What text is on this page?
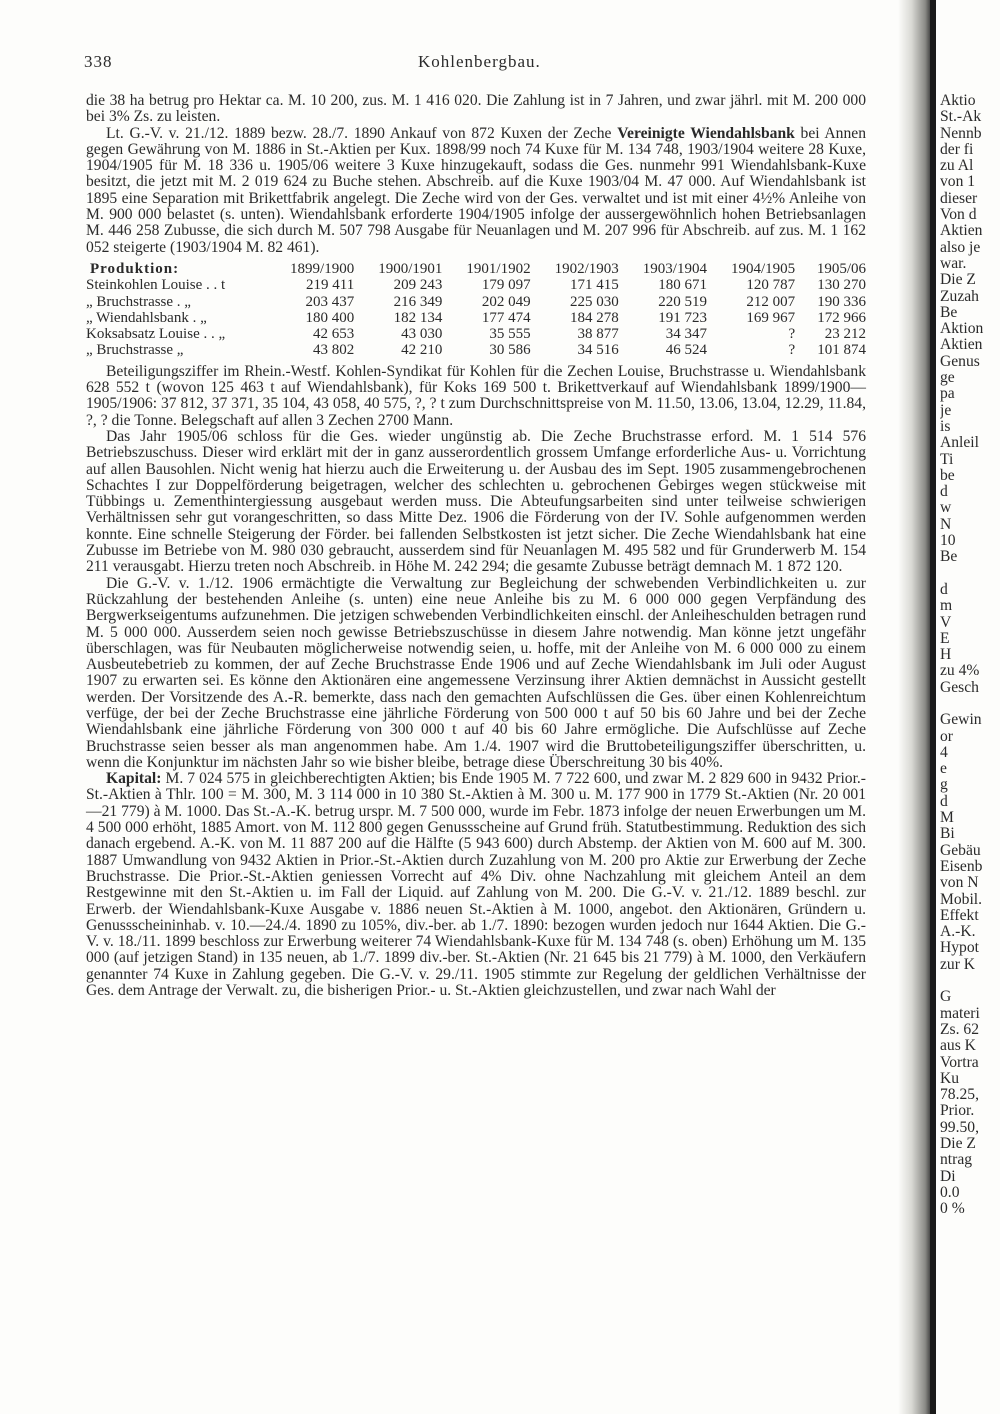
338	Kohlenbergbau.

die 38 ha betrug pro Hektar ca. M. 10 200, zus. M. 1 416 020. Die Zahlung ist in 7 Jahren, und zwar jährl. mit M. 200 000 bei 3% Zs. zu leisten.

Lt. G.-V. v. 21./12. 1889 bezw. 28./7. 1890 Ankauf von 872 Kuxen der Zeche Vereinigte Wiendahlsbank bei Annen gegen Gewährung von M. 1886 in St.-Aktien per Kux. 1898/99 noch 74 Kuxe für M. 134 748, 1903/1904 weitere 28 Kuxe, 1904/1905 für M. 18 336 u. 1905/06 weitere 3 Kuxe hinzugekauft, sodass die Ges. nunmehr 991 Wiendahlsbank-Kuxe besitzt, die jetzt mit M. 2 019 624 zu Buche stehen. Abschreib. auf die Kuxe 1903/04 M. 47 000. Auf Wiendahlsbank ist 1895 eine Separation mit Brikettfabrik angelegt. Die Zeche wird von der Ges. verwaltet und ist mit einer 4½% Anleihe von M. 900 000 belastet (s. unten). Wiendahlsbank erforderte 1904/1905 infolge der aussergewöhnlich hohen Betriebsanlagen M. 446 258 Zubusse, die sich durch M. 507 798 Ausgabe für Neuanlagen und M. 207 996 für Abschreib. auf zus. M. 1 162 052 steigerte (1903/1904 M. 82 461).

Produktion:	1899/1900	1900/1901	1901/1902	1902/1903	1903/1904	1904/1905	1905/06
Steinkohlen Louise . . t	219 411	209 243	179 097	171 415	180 671	120 787	130 270
„ Bruchstrasse . „	203 437	216 349	202 049	225 030	220 519	212 007	190 336
„ Wiendahlsbank . „	180 400	182 134	177 474	184 278	191 723	169 967	172 966
Koksabsatz Louise . . „	42 653	43 030	35 555	38 877	34 347	?	23 212
„ Bruchstrasse „	43 802	42 210	30 586	34 516	46 524	?	101 874

Beteiligungsziffer im Rhein.-Westf. Kohlen-Syndikat für Kohlen für die Zechen Louise, Bruchstrasse u. Wiendahlsbank 628 552 t (wovon 125 463 t auf Wiendahlsbank), für Koks 169 500 t. Brikettverkauf auf Wiendahlsbank 1899/1900—1905/1906: 37 812, 37 371, 35 104, 43 058, 40 575, ?, ? t zum Durchschnittspreise von M. 11.50, 13.06, 13.04, 12.29, 11.84, ?, ? die Tonne. Belegschaft auf allen 3 Zechen 2700 Mann.

Das Jahr 1905/06 schloss für die Ges. wieder ungünstig ab. Die Zeche Bruchstrasse erford. M. 1 514 576 Betriebszuschuss. Dieser wird erklärt mit der in ganz ausserordentlich grossem Umfange erforderliche Aus- u. Vorrichtung auf allen Bausohlen. Nicht wenig hat hierzu auch die Erweiterung u. der Ausbau des im Sept. 1905 zusammengebrochenen Schachtes I zur Doppelförderung beigetragen, welcher des schlechten u. gebrochenen Gebirges wegen stückweise mit Tübbings u. Zementhintergiessung ausgebaut werden muss. Die Abteufungsarbeiten sind unter teilweise schwierigen Verhältnissen sehr gut vorangeschritten, so dass Mitte Dez. 1906 die Förderung von der IV. Sohle aufgenommen werden konnte. Eine schnelle Steigerung der Förder. bei fallenden Selbstkosten ist jetzt sicher. Die Zeche Wiendahlsbank hat eine Zubusse im Betriebe von M. 980 030 gebraucht, ausserdem sind für Neuanlagen M. 495 582 und für Grunderwerb M. 154 211 verausgabt. Hierzu treten noch Abschreib. in Höhe M. 242 294; die gesamte Zubusse beträgt demnach M. 1 872 120.

Die G.-V. v. 1./12. 1906 ermächtigte die Verwaltung zur Begleichung der schwebenden Verbindlichkeiten u. zur Rückzahlung der bestehenden Anleihe (s. unten) eine neue Anleihe bis zu M. 6 000 000 gegen Verpfändung des Bergwerkseigentums aufzunehmen. Die jetzigen schwebenden Verbindlichkeiten einschl. der Anleiheschulden betragen rund M. 5 000 000. Ausserdem seien noch gewisse Betriebszuschüsse in diesem Jahre notwendig. Man könne jetzt ungefähr überschlagen, was für Neubauten möglicherweise notwendig seien, u. hoffe, mit der Anleihe von M. 6 000 000 zu einem Ausbeutebetrieb zu kommen, der auf Zeche Bruchstrasse Ende 1906 und auf Zeche Wiendahlsbank im Juli oder August 1907 zu erwarten sei. Es könne den Aktionären eine angemessene Verzinsung ihrer Aktien demnächst in Aussicht gestellt werden. Der Vorsitzende des A.-R. bemerkte, dass nach den gemachten Aufschlüssen die Ges. über einen Kohlenreichtum verfüge, der bei der Zeche Bruchstrasse eine jährliche Förderung von 500 000 t auf 50 bis 60 Jahre und bei der Zeche Wiendahlsbank eine jährliche Förderung von 300 000 t auf 40 bis 60 Jahre ermögliche. Die Aufschlüsse auf Zeche Bruchstrasse seien besser als man angenommen habe. Am 1./4. 1907 wird die Bruttobeteiligungsziffer überschritten, u. wenn die Konjunktur im nächsten Jahr so wie bisher bleibe, betrage diese Überschreitung 30 bis 40%.

Kapital: M. 7 024 575 in gleichberechtigten Aktien; bis Ende 1905 M. 7 722 600, und zwar M. 2 829 600 in 9432 Prior.-St.-Aktien à Thlr. 100 = M. 300, M. 3 114 000 in 10 380 St.-Aktien à M. 300 u. M. 177 900 in 1779 St.-Aktien (Nr. 20 001—21 779) à M. 1000. Das St.-A.-K. betrug urspr. M. 7 500 000, wurde im Febr. 1873 infolge der neuen Erwerbungen um M. 4 500 000 erhöht, 1885 Amort. von M. 112 800 gegen Genussscheine auf Grund früh. Statutbestimmung. Reduktion des sich danach ergebend. A.-K. von M. 11 887 200 auf die Hälfte (5 943 600) durch Abstemp. der Aktien von M. 600 auf M. 300. 1887 Umwandlung von 9432 Aktien in Prior.-St.-Aktien durch Zuzahlung von M. 200 pro Aktie zur Erwerbung der Zeche Bruchstrasse. Die Prior.-St.-Aktien geniessen Vorrecht auf 4% Div. ohne Nachzahlung mit gleichem Anteil an dem Restgewinne mit den St.-Aktien u. im Fall der Liquid. auf Zahlung von M. 200. Die G.-V. v. 21./12. 1889 beschl. zur Erwerb. der Wiendahlsbank-Kuxe Ausgabe v. 1886 neuen St.-Aktien à M. 1000, angebot. den Aktionären, Gründern u. Genussscheininhab. v. 10.—24./4. 1890 zu 105%, div.-ber. ab 1./7. 1890: bezogen wurden jedoch nur 1644 Aktien. Die G.-V. v. 18./11. 1899 beschloss zur Erwerbung weiterer 74 Wiendahlsbank-Kuxe für M. 134 748 (s. oben) Erhöhung um M. 135 000 (auf jetzigen Stand) in 135 neuen, ab 1./7. 1899 div.-ber. St.-Aktien (Nr. 21 645 bis 21 779) à M. 1000, den Verkäufern genannter 74 Kuxe in Zahlung gegeben. Die G.-V. v. 29./11. 1905 stimmte zur Regelung der geldlichen Verhältnisse der Ges. dem Antrage der Verwalt. zu, die bisherigen Prior.- u. St.-Aktien gleichzustellen, und zwar nach Wahl der

Aktio
St.-Ak
Nennb
der fi
zu Al
von 1
dieser
Von d
Aktien
also je
war.
Die Z
Zuzah
Be
Aktion
Aktien
Genus
ge
pa
je
is
Anleil
Ti
be
d
w
N
10
Be
d
m
V
E
H
zu 4%
Gesch
Gewin
or
4
e
g
d
M
Bi
Gebäu
Eisenb
von N
Mobil.
Effekt
A.-K.
Hypot
zur K
G
materi
Zs. 62
aus K
Vortra
Ku
78.25,
Prior.
99.50,
Die Z
ntrag
Di
0.0
0 %
